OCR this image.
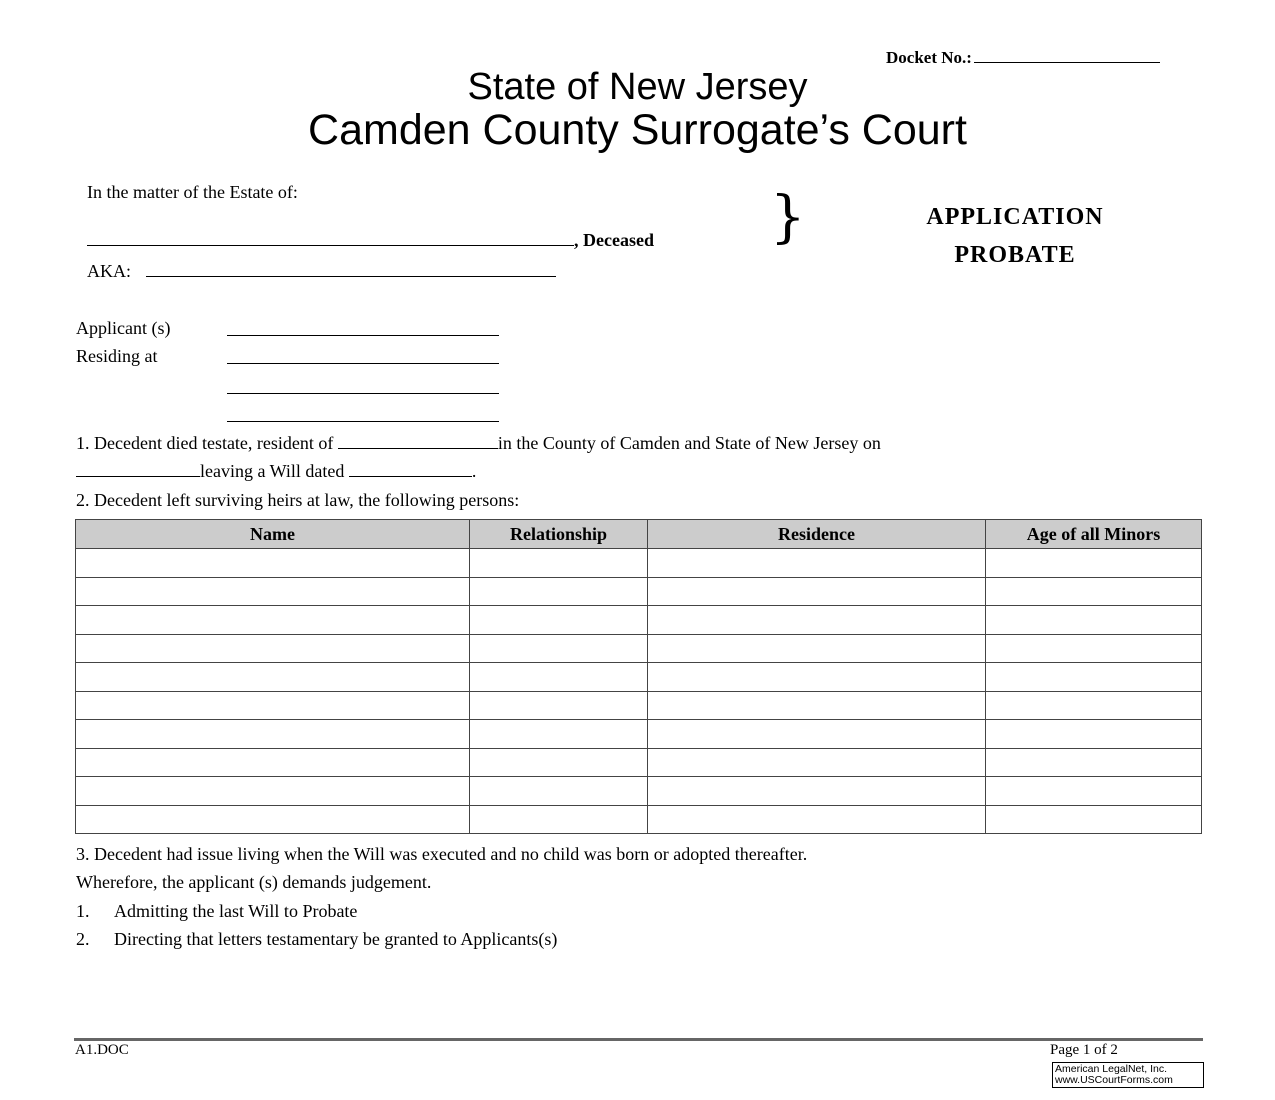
Docket No.:
State of New Jersey
Camden County Surrogate’s Court
In the matter of the Estate of:
, Deceased
AKA:
}	APPLICATION
PROBATE
Applicant (s)
Residing at
1. Decedent died testate, resident of	in the County of Camden and State of New Jersey on
leaving a Will dated	.
2. Decedent left surviving heirs at law, the following persons:
Name	Relationship	Residence	Age of all Minors

3. Decedent had issue living when the Will was executed and no child was born or adopted thereafter.
Wherefore, the applicant (s) demands judgement.
1. Admitting the last Will to Probate
2. Directing that letters testamentary be granted to Applicants(s)
A1.DOC	Page 1 of 2
American LegalNet, Inc.
www.USCourtForms.com
